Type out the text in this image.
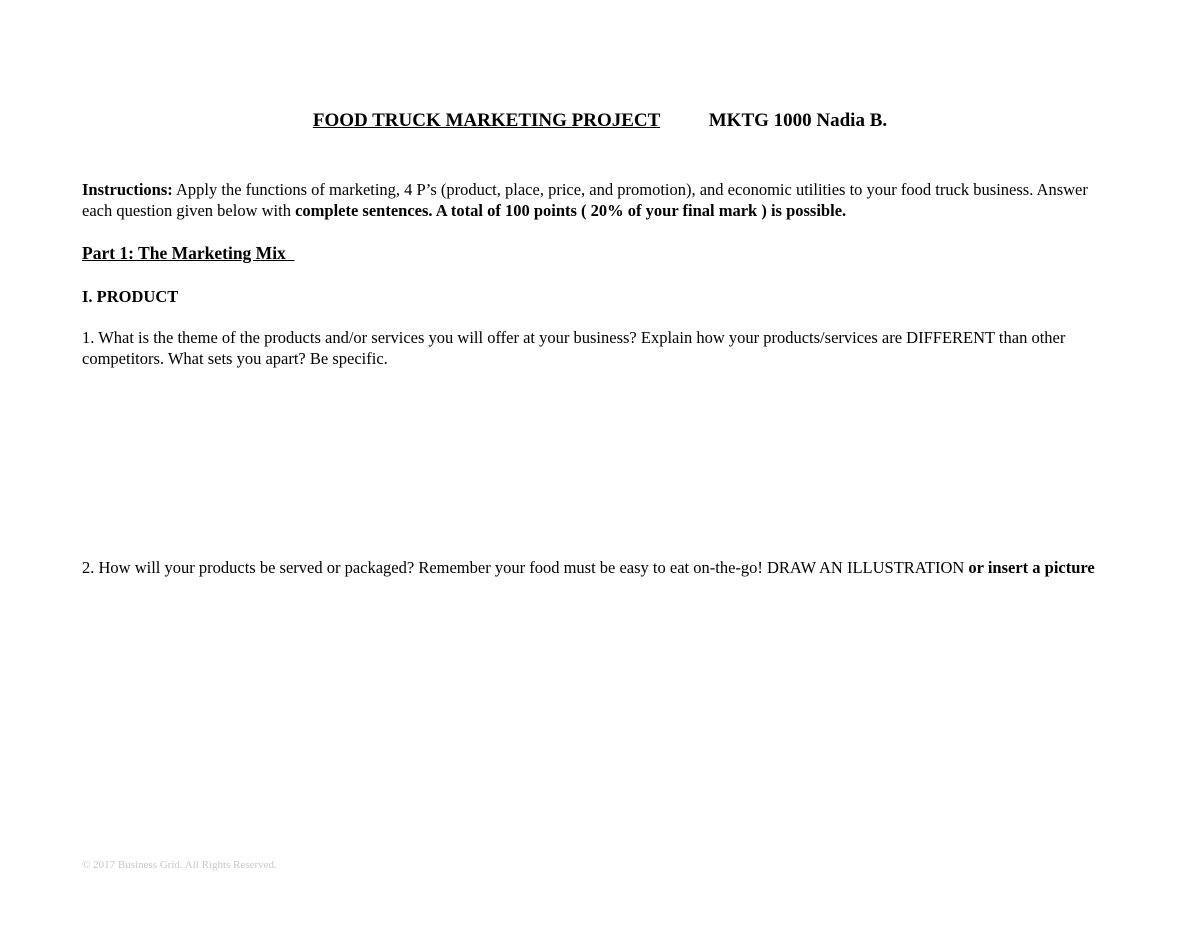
FOOD TRUCK MARKETING PROJECT	MKTG 1000 Nadia B.
Instructions: Apply the functions of marketing, 4 P’s (product, place, price, and promotion), and economic utilities to your food truck business. Answer each question given below with complete sentences. A total of 100 points ( 20% of your final mark ) is possible.
Part 1: The Marketing Mix
I. PRODUCT
1. What is the theme of the products and/or services you will offer at your business? Explain how your products/services are DIFFERENT than other competitors. What sets you apart? Be specific.
2. How will your products be served or packaged? Remember your food must be easy to eat on-the-go! DRAW AN ILLUSTRATION or insert a picture
© 2017 Business Grid. All Rights Reserved.
